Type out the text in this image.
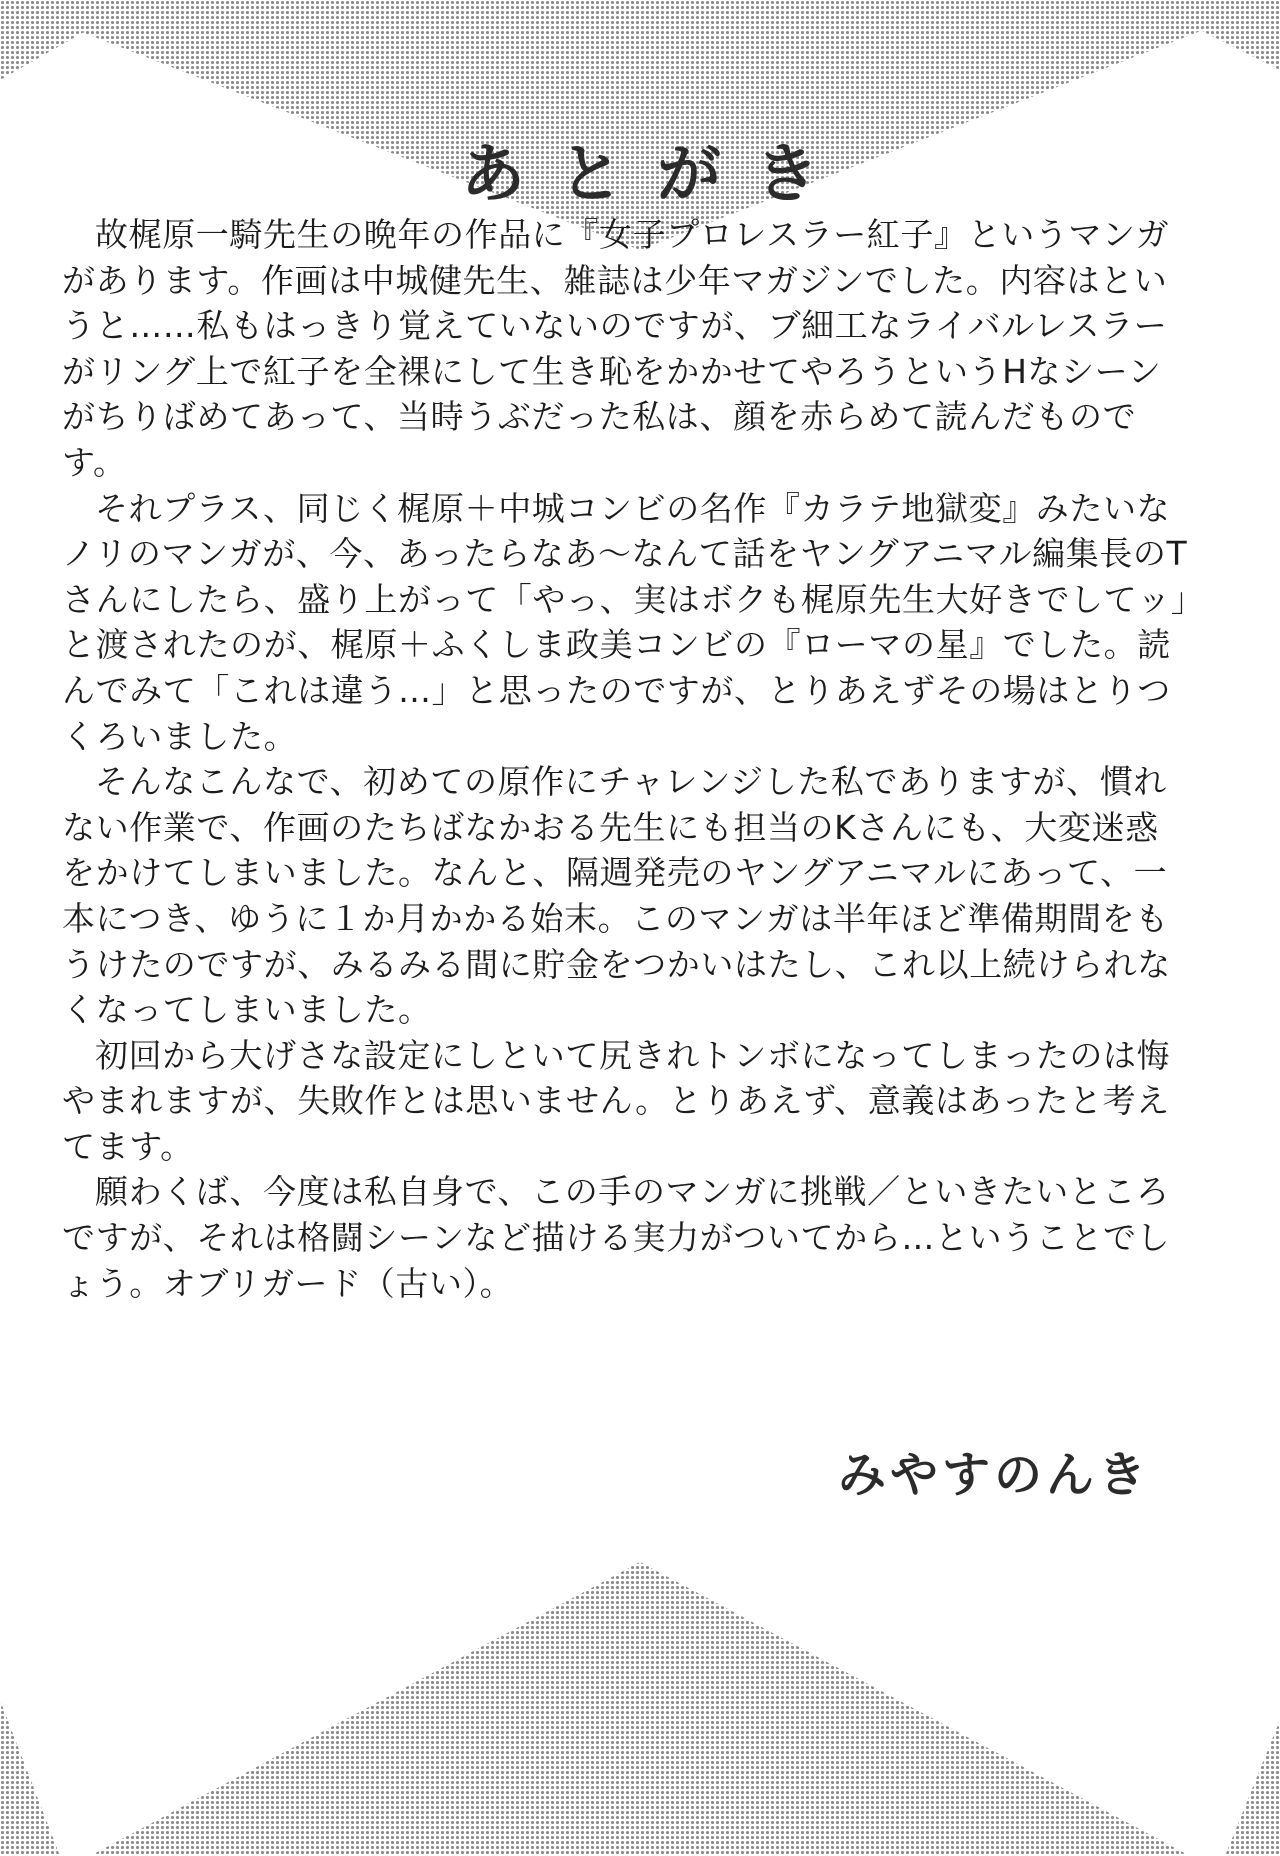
あとがき

故梶原一騎先生の晩年の作品に『女子プロレスラー紅子』というマンガがあります。作画は中城健先生、雑誌は少年マガジンでした。内容はというと……私もはっきり覚えていないのですが、ブ細工なライバルレスラーがリング上で紅子を全裸にして生き恥をかかせてやろうというHなシーンがちりばめてあって、当時うぶだった私は、顔を赤らめて読んだものです。

それプラス、同じく梶原＋中城コンビの名作『カラテ地獄変』みたいなノリのマンガが、今、あったらなあ〜なんて話をヤングアニマル編集長のTさんにしたら、盛り上がって「やっ、実はボクも梶原先生大好きでしてッ」と渡されたのが、梶原＋ふくしま政美コンビの『ローマの星』でした。読んでみて「これは違う…」と思ったのですが、とりあえずその場はとりつくろいました。

そんなこんなで、初めての原作にチャレンジした私でありますが、慣れない作業で、作画のたちばなかおる先生にも担当のKさんにも、大変迷惑をかけてしまいました。なんと、隔週発売のヤングアニマルにあって、一本につき、ゆうに１か月かかる始末。このマンガは半年ほど準備期間をもうけたのですが、みるみる間に貯金をつかいはたし、これ以上続けられなくなってしまいました。

初回から大げさな設定にしといて尻きれトンボになってしまったのは悔やまれますが、失敗作とは思いません。とりあえず、意義はあったと考えてます。

願わくば、今度は私自身で、この手のマンガに挑戦／といきたいところですが、それは格闘シーンなど描ける実力がついてから…ということでしょう。オブリガード（古い）。

みやすのんき
